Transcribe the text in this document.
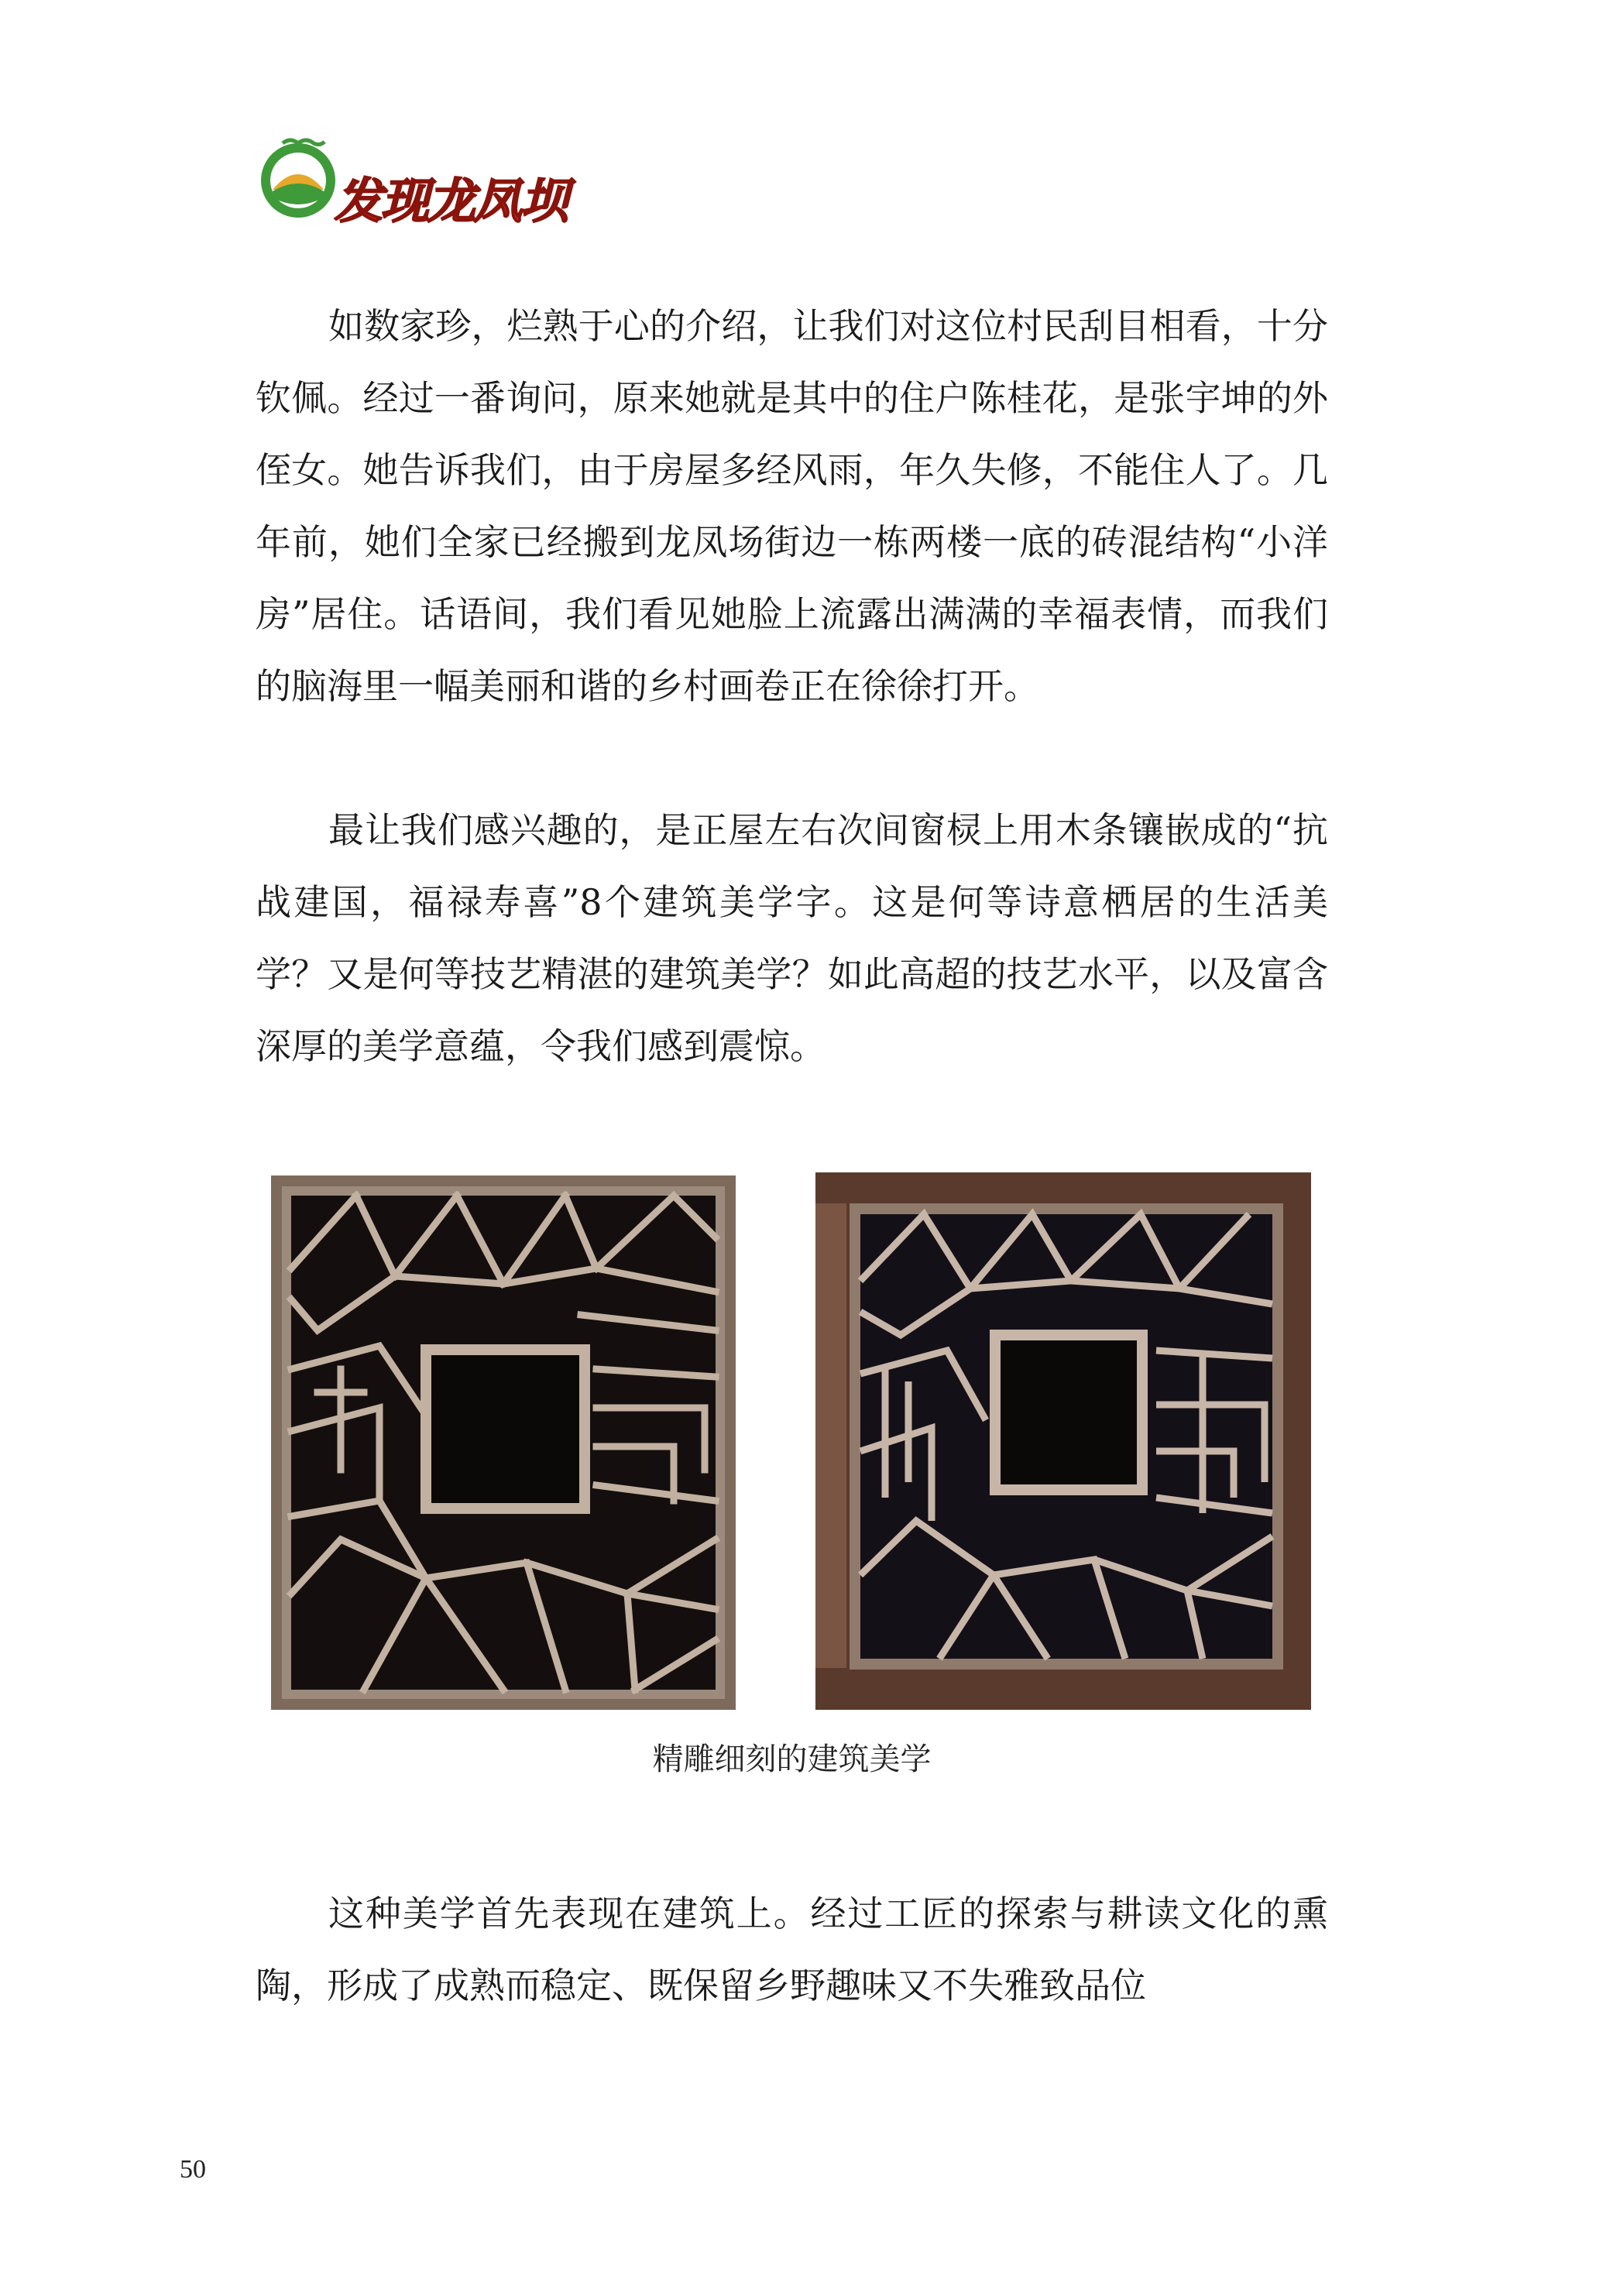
发现龙凤坝

如数家珍，烂熟于心的介绍，让我们对这位村民刮目相看，十分钦佩。经过一番询问，原来她就是其中的住户陈桂花，是张宇坤的外侄女。她告诉我们，由于房屋多经风雨，年久失修，不能住人了。几年前，她们全家已经搬到龙凤场街边一栋两楼一底的砖混结构“小洋房”居住。话语间，我们看见她脸上流露出满满的幸福表情，而我们的脑海里一幅美丽和谐的乡村画卷正在徐徐打开。

最让我们感兴趣的，是正屋左右次间窗棂上用木条镶嵌成的“抗战建国，福禄寿喜”8个建筑美学字。这是何等诗意栖居的生活美学？又是何等技艺精湛的建筑美学？如此高超的技艺水平，以及富含深厚的美学意蕴，令我们感到震惊。

精雕细刻的建筑美学

这种美学首先表现在建筑上。经过工匠的探索与耕读文化的熏陶，形成了成熟而稳定、既保留乡野趣味又不失雅致品位

50
